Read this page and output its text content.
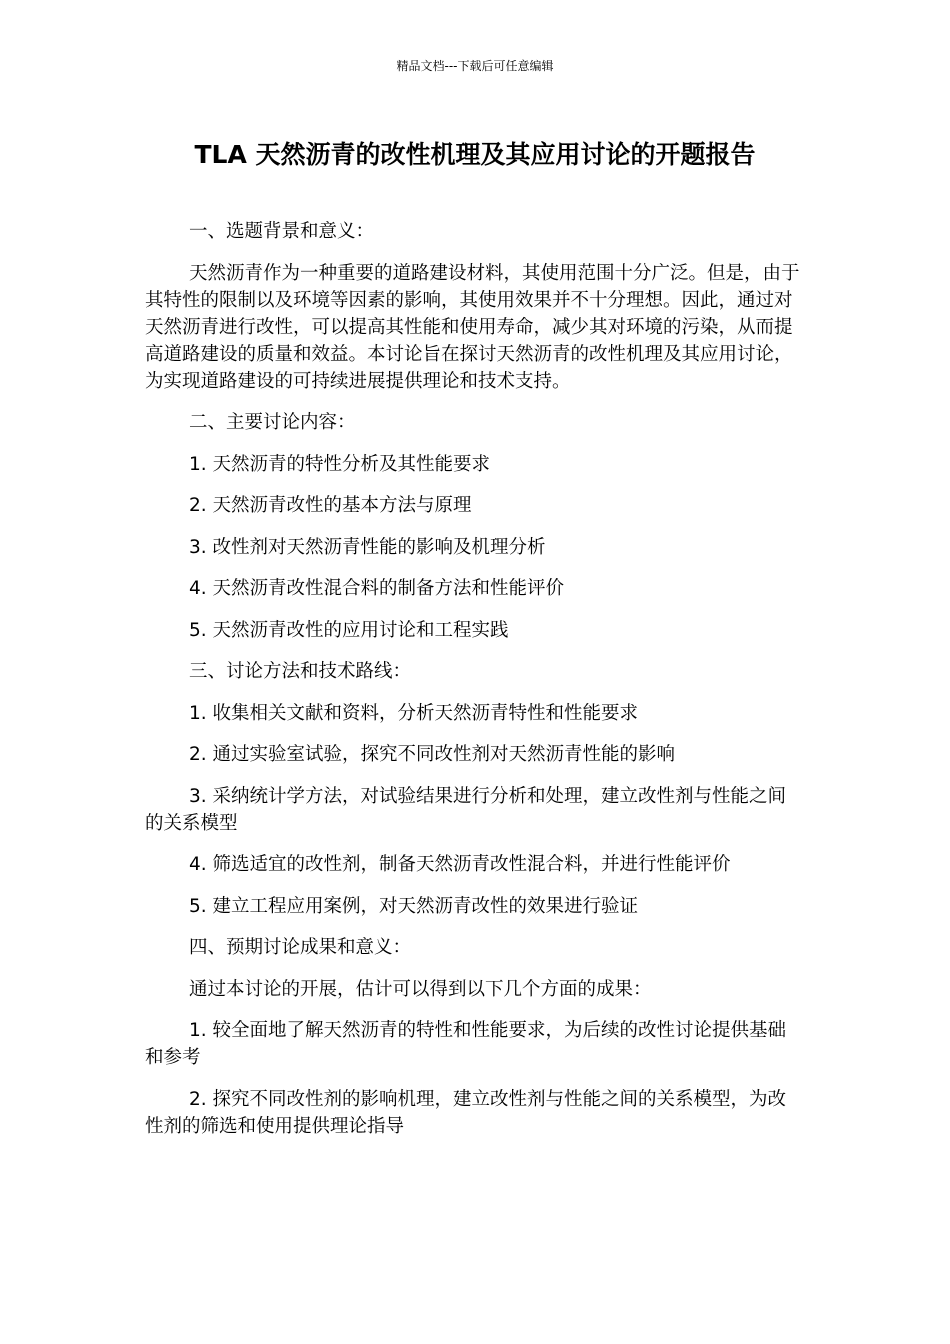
精品文档---下载后可任意编辑
TLA 天然沥青的改性机理及其应用讨论的开题报告

一、选题背景和意义：

天然沥青作为一种重要的道路建设材料，其使用范围十分广泛。但是，由于其特性的限制以及环境等因素的影响，其使用效果并不十分理想。因此，通过对天然沥青进行改性，可以提高其性能和使用寿命，减少其对环境的污染，从而提高道路建设的质量和效益。本讨论旨在探讨天然沥青的改性机理及其应用讨论，为实现道路建设的可持续进展提供理论和技术支持。

二、主要讨论内容：

1. 天然沥青的特性分析及其性能要求

2. 天然沥青改性的基本方法与原理

3. 改性剂对天然沥青性能的影响及机理分析

4. 天然沥青改性混合料的制备方法和性能评价

5. 天然沥青改性的应用讨论和工程实践

三、讨论方法和技术路线：

1. 收集相关文献和资料，分析天然沥青特性和性能要求

2. 通过实验室试验，探究不同改性剂对天然沥青性能的影响

3. 采纳统计学方法，对试验结果进行分析和处理，建立改性剂与性能之间的关系模型

4. 筛选适宜的改性剂，制备天然沥青改性混合料，并进行性能评价

5. 建立工程应用案例，对天然沥青改性的效果进行验证

四、预期讨论成果和意义：

通过本讨论的开展，估计可以得到以下几个方面的成果：

1. 较全面地了解天然沥青的特性和性能要求，为后续的改性讨论提供基础和参考

2. 探究不同改性剂的影响机理，建立改性剂与性能之间的关系模型，为改性剂的筛选和使用提供理论指导
